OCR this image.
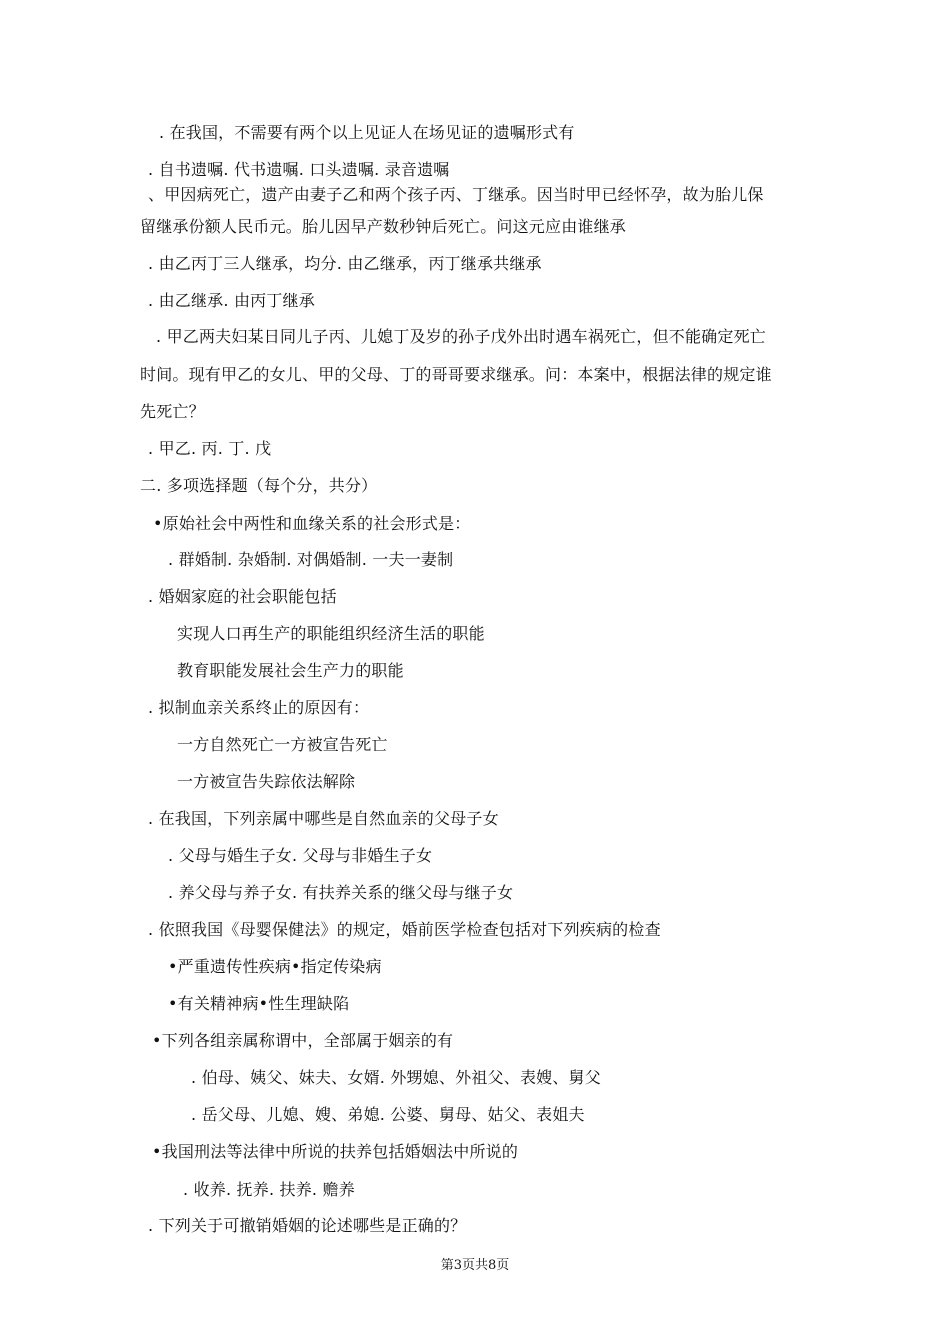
. 在我国，不需要有两个以上见证人在场见证的遗嘱形式有
. 自书遗嘱. 代书遗嘱. 口头遗嘱. 录音遗嘱
、甲因病死亡，遗产由妻子乙和两个孩子丙、丁继承。因当时甲已经怀孕，故为胎儿保
留继承份额人民币元。胎儿因早产数秒钟后死亡。问这元应由谁继承
. 由乙丙丁三人继承，均分. 由乙继承，丙丁继承共继承
. 由乙继承. 由丙丁继承
. 甲乙两夫妇某日同儿子丙、儿媳丁及岁的孙子戊外出时遇车祸死亡，但不能确定死亡
时间。现有甲乙的女儿、甲的父母、丁的哥哥要求继承。问：本案中，根据法律的规定谁
先死亡？
. 甲乙. 丙. 丁. 戊
二. 多项选择题（每个分，共分）
•原始社会中两性和血缘关系的社会形式是：
. 群婚制. 杂婚制. 对偶婚制. 一夫一妻制
. 婚姻家庭的社会职能包括
实现人口再生产的职能组织经济生活的职能
教育职能发展社会生产力的职能
. 拟制血亲关系终止的原因有：
一方自然死亡一方被宣告死亡
一方被宣告失踪依法解除
. 在我国，下列亲属中哪些是自然血亲的父母子女
. 父母与婚生子女. 父母与非婚生子女
. 养父母与养子女. 有扶养关系的继父母与继子女
. 依照我国《母婴保健法》的规定，婚前医学检查包括对下列疾病的检查
•严重遗传性疾病•指定传染病
•有关精神病•性生理缺陷
•下列各组亲属称谓中，全部属于姻亲的有
. 伯母、姨父、妹夫、女婿. 外甥媳、外祖父、表嫂、舅父
. 岳父母、儿媳、嫂、弟媳. 公婆、舅母、姑父、表姐夫
•我国刑法等法律中所说的扶养包括婚姻法中所说的
. 收养. 抚养. 扶养. 赡养
. 下列关于可撤销婚姻的论述哪些是正确的？
第3页共8页
